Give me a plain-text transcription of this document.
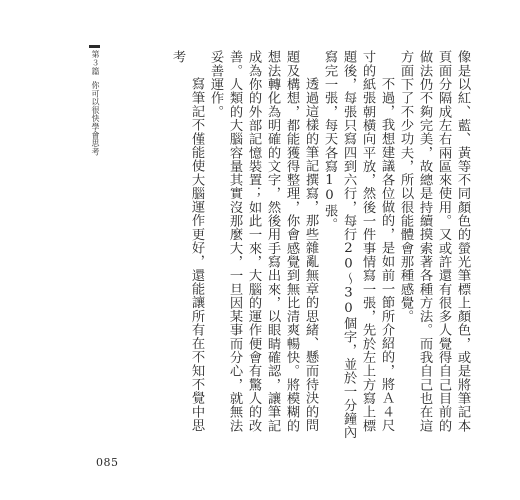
第３篇
你可以很快學會思考	像是以紅、藍、黃等不同顏色的螢光筆標上顏色，或是將筆記本頁面分隔成左右兩區來使用。又或許還有很多人覺得自己目前的做法仍不夠完美，故總是持續摸索著各種方法。而我自己也在這方面下了不少功夫，所以很能體會那種感覺。

不過，我想建議各位做的，是如前一節所介紹的，將Ａ４尺寸的紙張朝橫向平放，然後一件事情寫一張，先於左上方寫上標題後，每張只寫四到六行，每行20～30個字，並於一分鐘內寫完一張，每天各寫10張。

透過這樣的筆記撰寫，那些雜亂無章的思緒、懸而待決的問題及構想，都能獲得整理，你會感覺到無比清爽暢快。將模糊的想法轉化為明確的文字，然後用手寫出來，以眼睛確認，讓筆記成為你的外部記憶裝置；如此一來，大腦的運作便會有驚人的改善。人類的大腦容量其實沒那麼大，一旦因某事而分心，就無法妥善運作。

寫筆記不僅能使大腦運作更好，還能讓所有在不知不覺中思考

085
